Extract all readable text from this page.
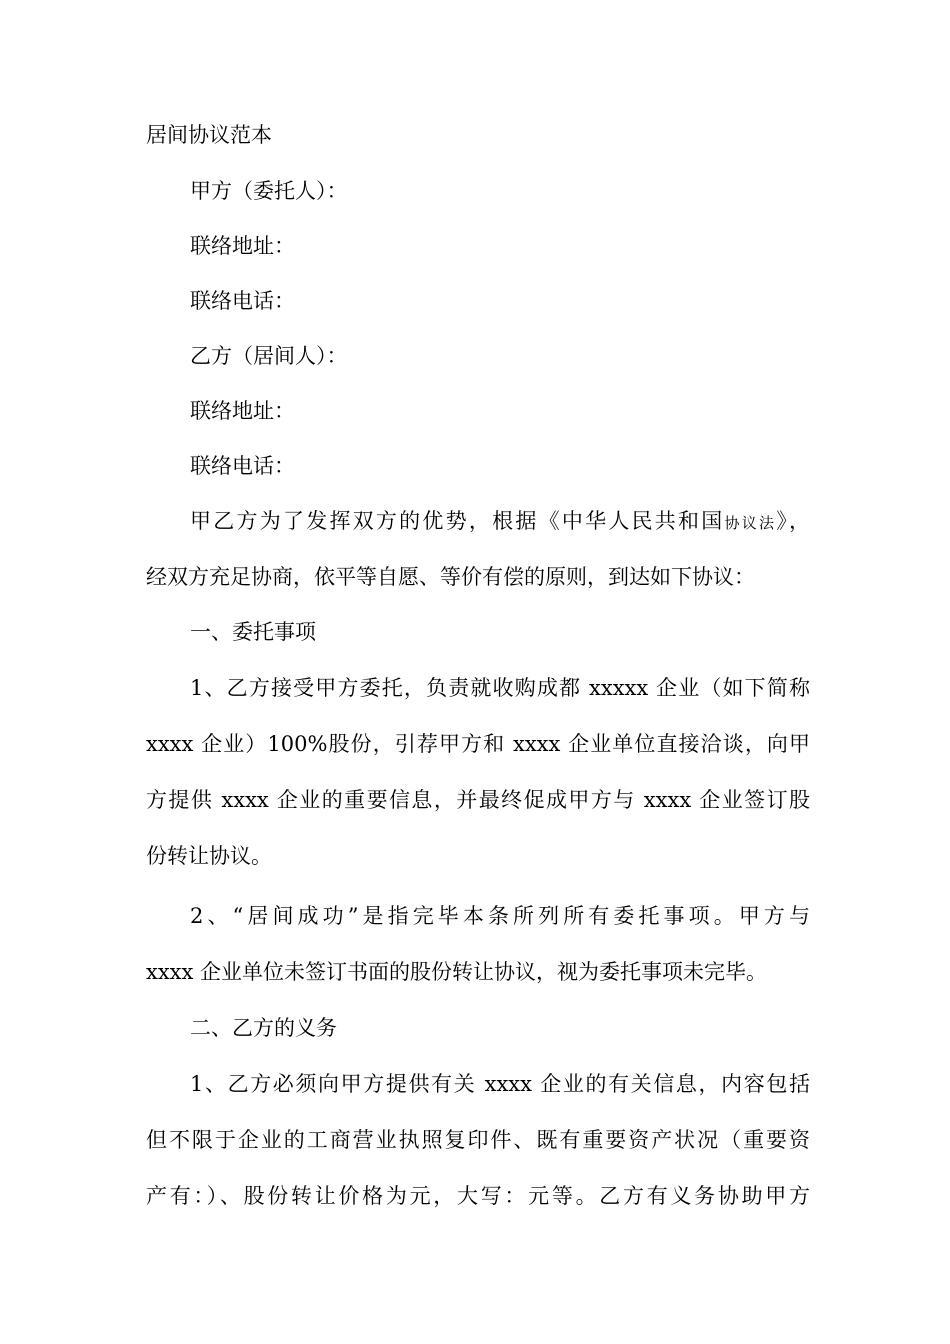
居间协议范本
甲方（委托人）：
联络地址：
联络电话：
乙方（居间人）：
联络地址：
联络电话：
甲乙方为了发挥双方的优势，根据《中华人民共和国协议法》，
经双方充足协商，依平等自愿、等价有偿的原则，到达如下协议：
一、委托事项
1、乙方接受甲方委托，负责就收购成都 xxxxx 企业（如下简称
xxxx 企业）100%股份，引荐甲方和 xxxx 企业单位直接洽谈，向甲
方提供 xxxx 企业的重要信息，并最终促成甲方与 xxxx 企业签订股
份转让协议。
2、“居间成功”是指完毕本条所列所有委托事项。甲方与
xxxx 企业单位未签订书面的股份转让协议，视为委托事项未完毕。
二、乙方的义务
1、乙方必须向甲方提供有关 xxxx 企业的有关信息，内容包括
但不限于企业的工商营业执照复印件、既有重要资产状况（重要资
产有：）、股份转让价格为元，大写：元等。乙方有义务协助甲方
